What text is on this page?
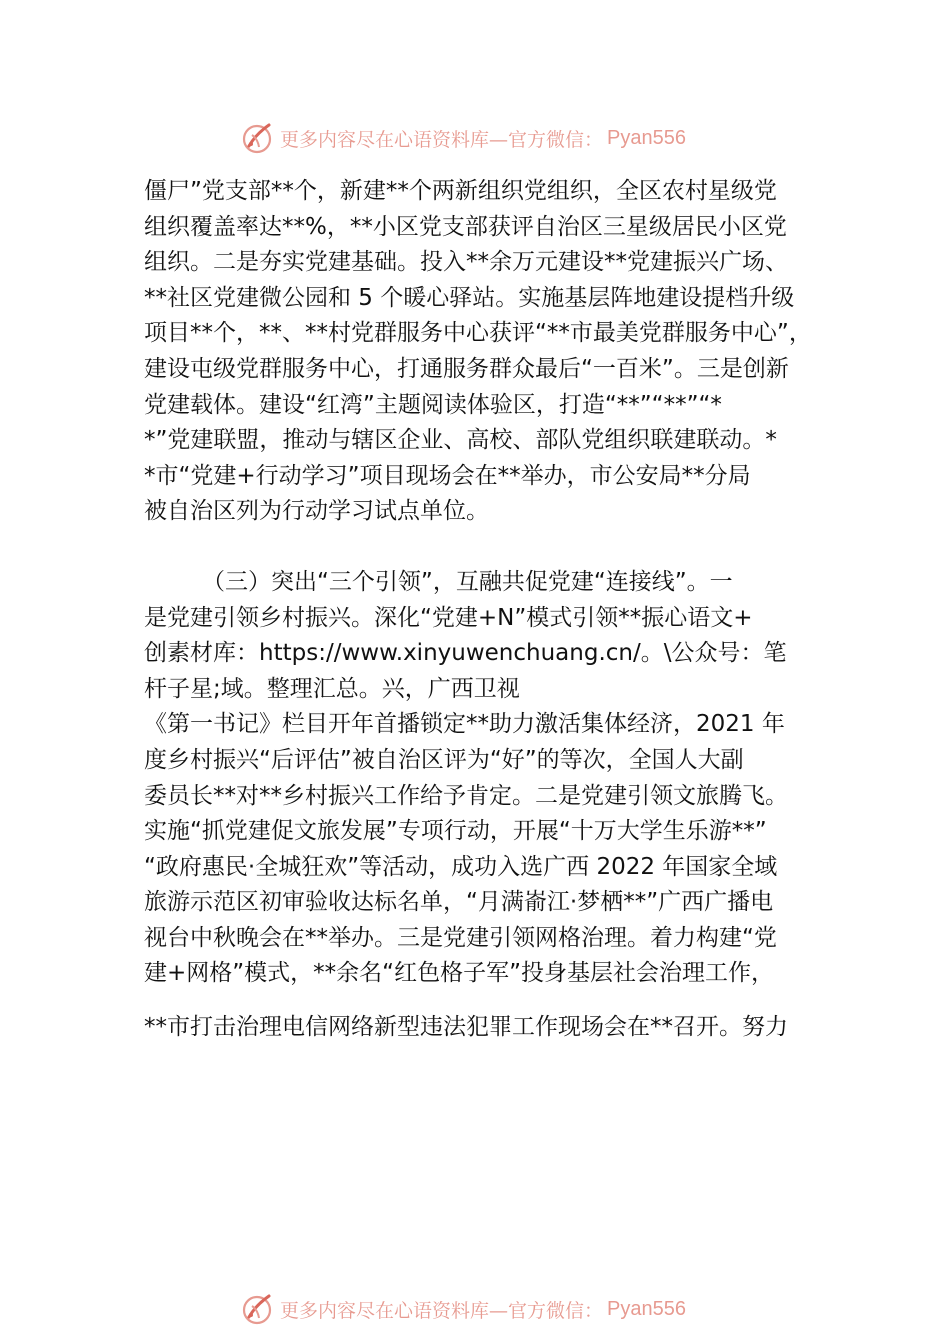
更多内容尽在心语资料库—官方微信： Pyan556
僵尸”党支部**个，新建**个两新组织党组织，全区农村星级党
组织覆盖率达**%，**小区党支部获评自治区三星级居民小区党
组织。二是夯实党建基础。投入**余万元建设**党建振兴广场、
**社区党建微公园和 5 个暖心驿站。实施基层阵地建设提档升级
项目**个，**、**村党群服务中心获评“**市最美党群服务中心”，
建设屯级党群服务中心，打通服务群众最后“一百米”。三是创新
党建载体。建设“红湾”主题阅读体验区，打造“**”“**”“*
*”党建联盟，推动与辖区企业、高校、部队党组织联建联动。*
*市“党建+行动学习”项目现场会在**举办，市公安局**分局
被自治区列为行动学习试点单位。
（三）突出“三个引领”，互融共促党建“连接线”。一
是党建引领乡村振兴。深化“党建+N”模式引领**振心语文+
创素材库：https://www.xinyuwenchuang.cn/。\公众号：笔
杆子星;域。整理汇总。兴，广西卫视
《第一书记》栏目开年首播锁定**助力激活集体经济，2021 年
度乡村振兴“后评估”被自治区评为“好”的等次，全国人大副
委员长**对**乡村振兴工作给予肯定。二是党建引领文旅腾飞。
实施“抓党建促文旅发展”专项行动，开展“十万大学生乐游**”
“政府惠民·全城狂欢”等活动，成功入选广西 2022 年国家全域
旅游示范区初审验收达标名单，“月满嵛江·梦栖**”广西广播电
视台中秋晚会在**举办。三是党建引领网格治理。着力构建“党
建+网格”模式，**余名“红色格子军”投身基层社会治理工作，
**市打击治理电信网络新型违法犯罪工作现场会在**召开。努力
更多内容尽在心语资料库—官方微信： Pyan556
